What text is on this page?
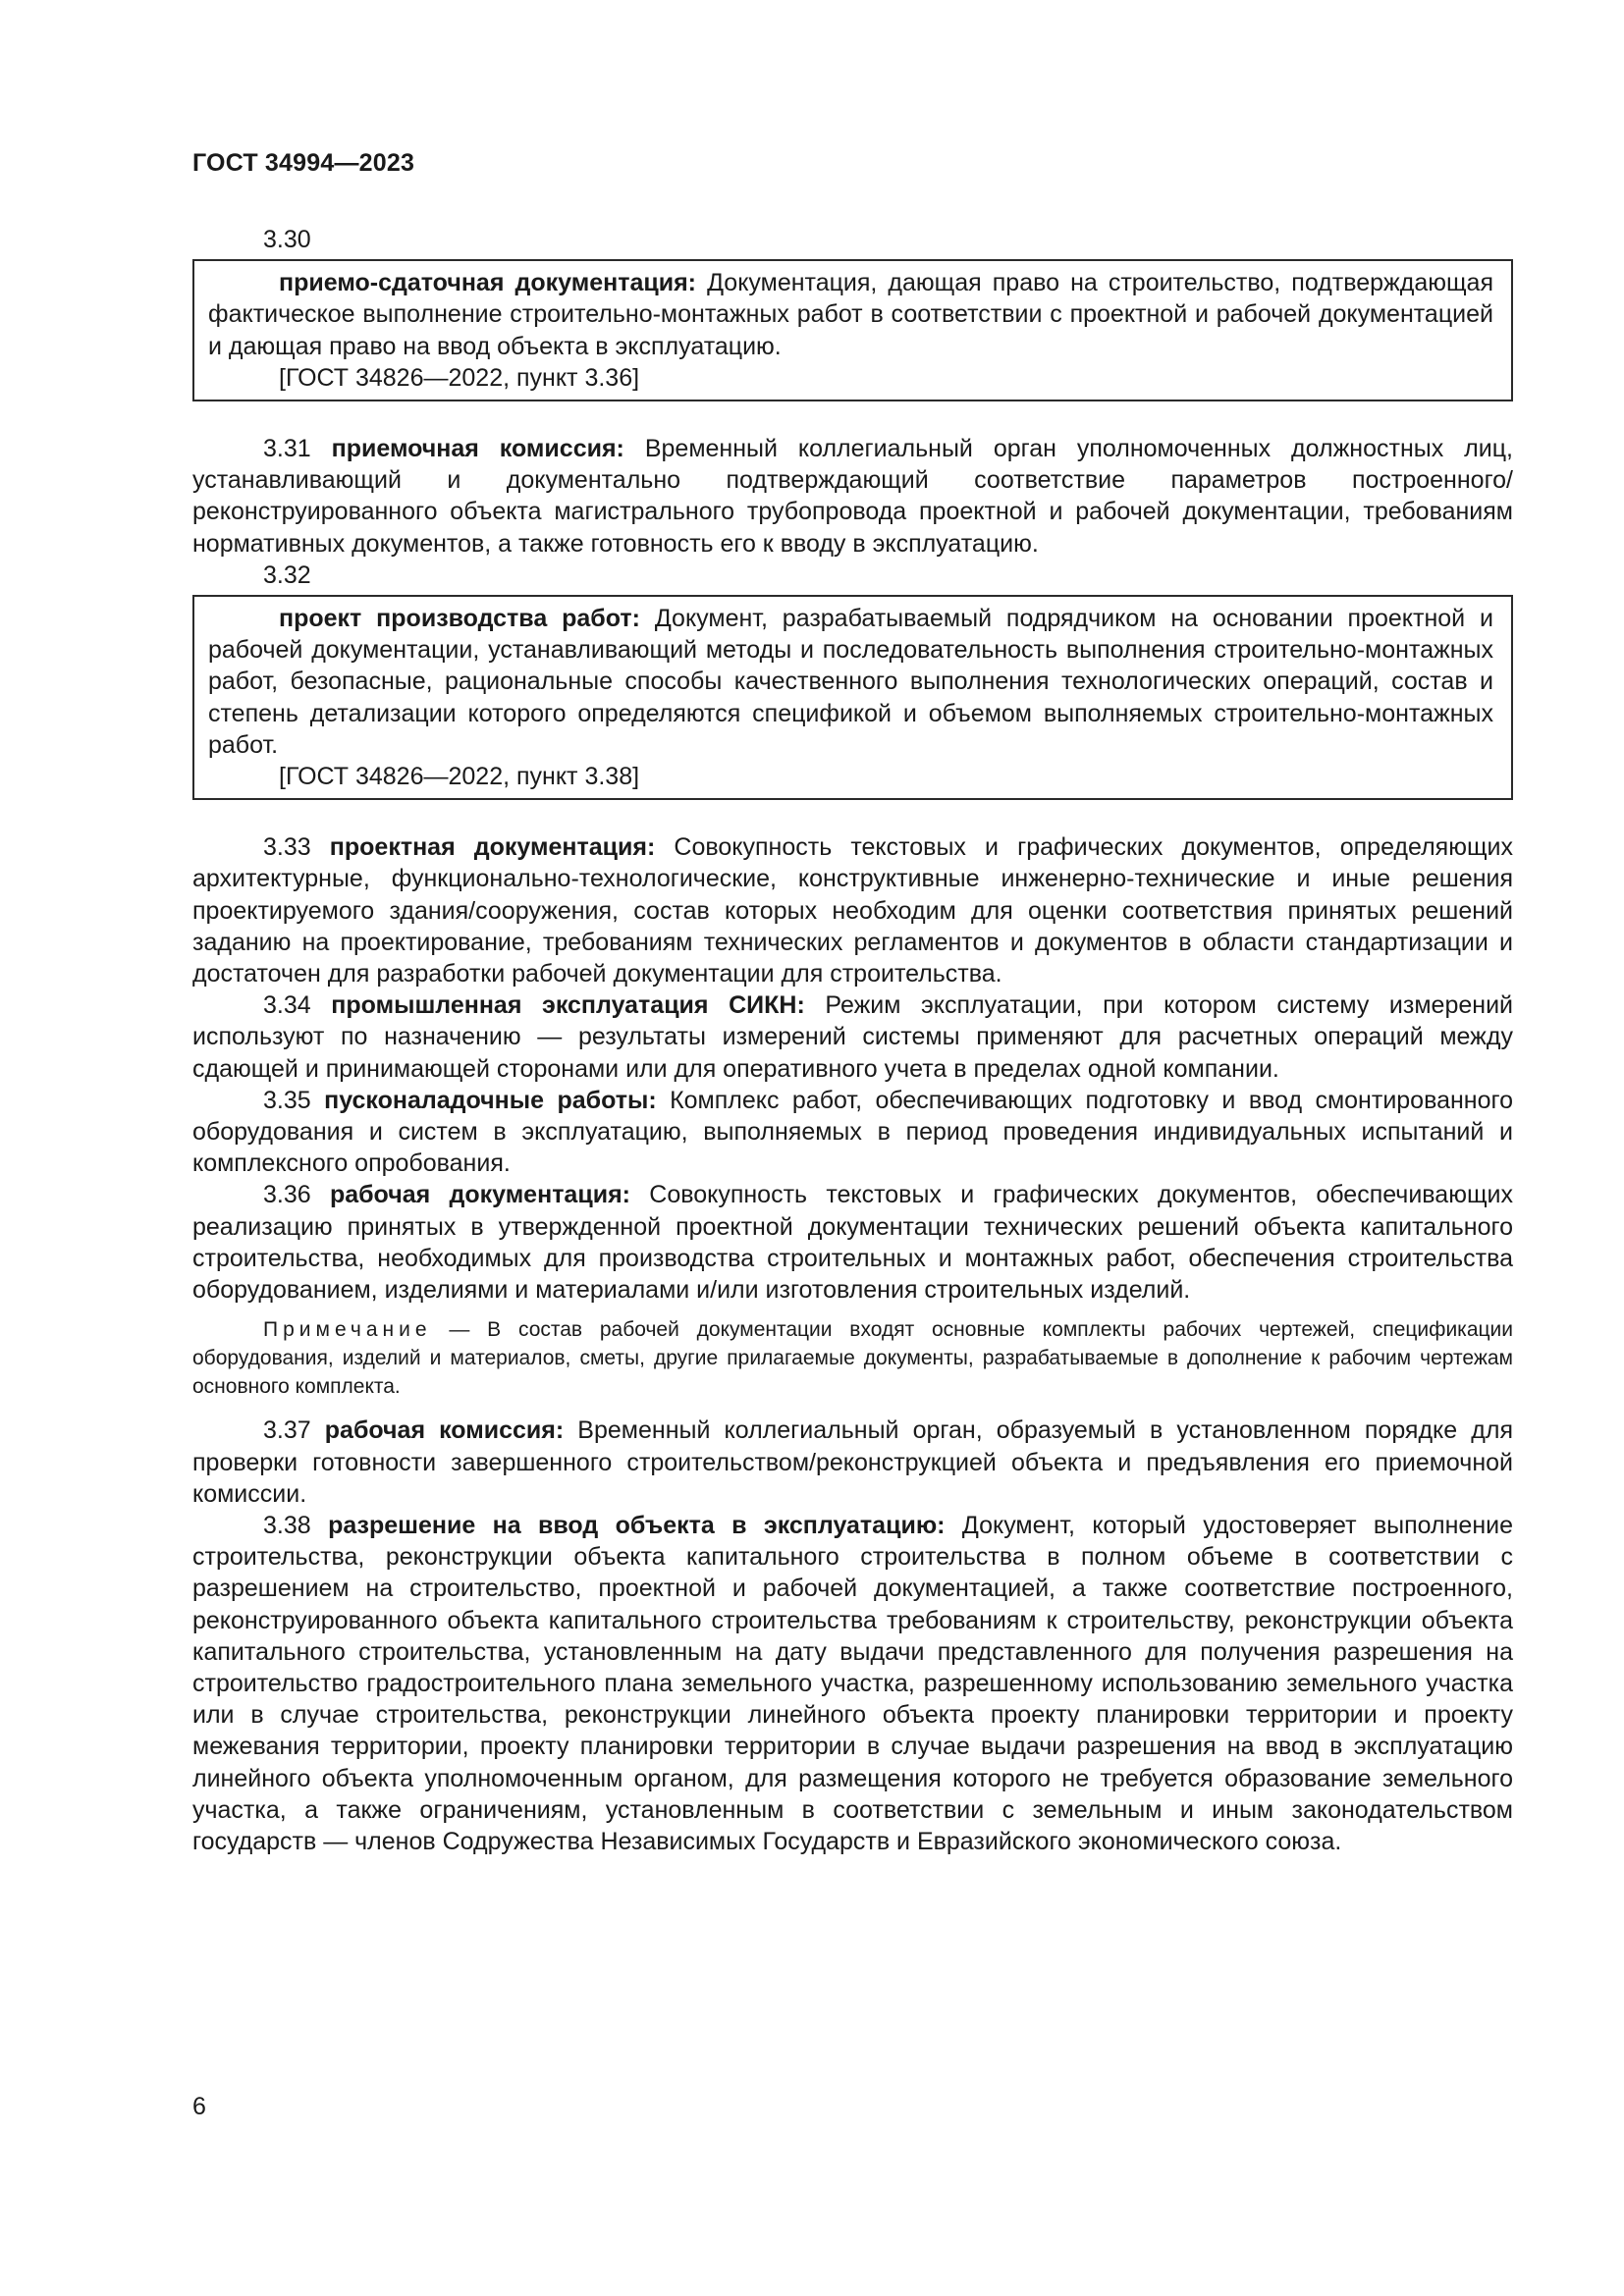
ГОСТ 34994—2023
3.30
приемо-сдаточная документация: Документация, дающая право на строительство, подтверждающая фактическое выполнение строительно-монтажных работ в соответствии с проектной и рабочей документацией и дающая право на ввод объекта в эксплуатацию.
[ГОСТ 34826—2022, пункт 3.36]

3.31 приемочная комиссия: Временный коллегиальный орган уполномоченных должностных лиц, устанавливающий и документально подтверждающий соответствие параметров построенного/реконструированного объекта магистрального трубопровода проектной и рабочей документации, требованиям нормативных документов, а также готовность его к вводу в эксплуатацию.

3.32
проект производства работ: Документ, разрабатываемый подрядчиком на основании проектной и рабочей документации, устанавливающий методы и последовательность выполнения строительно-монтажных работ, безопасные, рациональные способы качественного выполнения технологических операций, состав и степень детализации которого определяются спецификой и объемом выполняемых строительно-монтажных работ.
[ГОСТ 34826—2022, пункт 3.38]

3.33 проектная документация: Совокупность текстовых и графических документов, определяющих архитектурные, функционально-технологические, конструктивные инженерно-технические и иные решения проектируемого здания/сооружения, состав которых необходим для оценки соответствия принятых решений заданию на проектирование, требованиям технических регламентов и документов в области стандартизации и достаточен для разработки рабочей документации для строительства.

3.34 промышленная эксплуатация СИКН: Режим эксплуатации, при котором систему измерений используют по назначению — результаты измерений системы применяют для расчетных операций между сдающей и принимающей сторонами или для оперативного учета в пределах одной компании.

3.35 пусконаладочные работы: Комплекс работ, обеспечивающих подготовку и ввод смонтированного оборудования и систем в эксплуатацию, выполняемых в период проведения индивидуальных испытаний и комплексного опробования.

3.36 рабочая документация: Совокупность текстовых и графических документов, обеспечивающих реализацию принятых в утвержденной проектной документации технических решений объекта капитального строительства, необходимых для производства строительных и монтажных работ, обеспечения строительства оборудованием, изделиями и материалами и/или изготовления строительных изделий.

Примечание — В состав рабочей документации входят основные комплекты рабочих чертежей, спецификации оборудования, изделий и материалов, сметы, другие прилагаемые документы, разрабатываемые в дополнение к рабочим чертежам основного комплекта.

3.37 рабочая комиссия: Временный коллегиальный орган, образуемый в установленном порядке для проверки готовности завершенного строительством/реконструкцией объекта и предъявления его приемочной комиссии.

3.38 разрешение на ввод объекта в эксплуатацию: Документ, который удостоверяет выполнение строительства, реконструкции объекта капитального строительства в полном объеме в соответствии с разрешением на строительство, проектной и рабочей документацией, а также соответствие построенного, реконструированного объекта капитального строительства требованиям к строительству, реконструкции объекта капитального строительства, установленным на дату выдачи представленного для получения разрешения на строительство градостроительного плана земельного участка, разрешенному использованию земельного участка или в случае строительства, реконструкции линейного объекта проекту планировки территории и проекту межевания территории, проекту планировки территории в случае выдачи разрешения на ввод в эксплуатацию линейного объекта уполномоченным органом, для размещения которого не требуется образование земельного участка, а также ограничениям, установленным в соответствии с земельным и иным законодательством государств — членов Содружества Независимых Государств и Евразийского экономического союза.

6
